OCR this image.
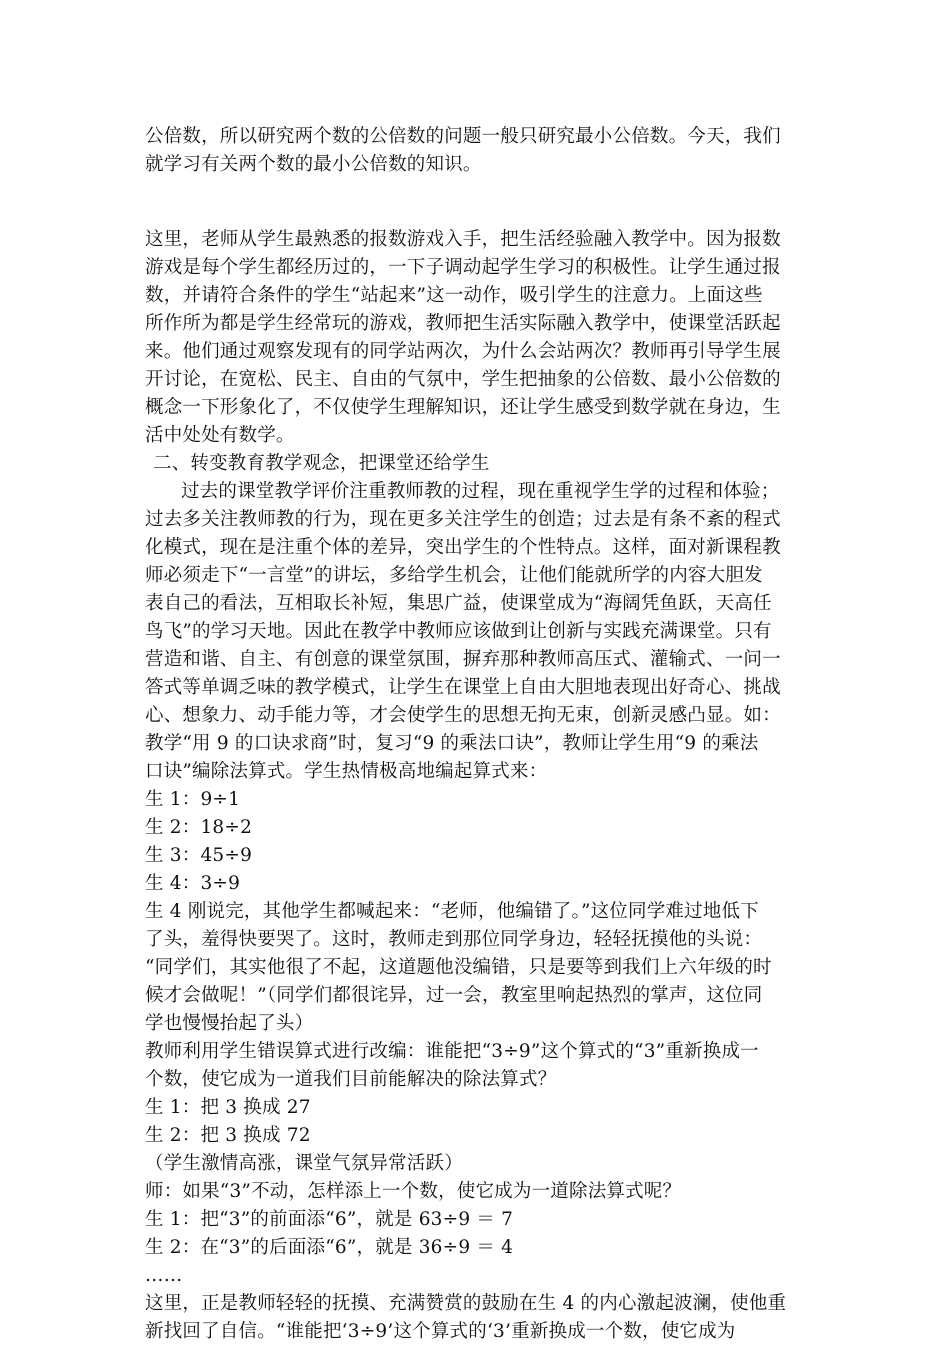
公倍数，所以研究两个数的公倍数的问题一般只研究最小公倍数。今天，我们
就学习有关两个数的最小公倍数的知识。
这里，老师从学生最熟悉的报数游戏入手，把生活经验融入教学中。因为报数
游戏是每个学生都经历过的，一下子调动起学生学习的积极性。让学生通过报
数，并请符合条件的学生“站起来”这一动作，吸引学生的注意力。上面这些
所作所为都是学生经常玩的游戏，教师把生活实际融入教学中，使课堂活跃起
来。他们通过观察发现有的同学站两次，为什么会站两次？教师再引导学生展
开讨论，在宽松、民主、自由的气氛中，学生把抽象的公倍数、最小公倍数的
概念一下形象化了，不仅使学生理解知识，还让学生感受到数学就在身边，生
活中处处有数学。
二、转变教育教学观念，把课堂还给学生
过去的课堂教学评价注重教师教的过程，现在重视学生学的过程和体验；
过去多关注教师教的行为，现在更多关注学生的创造；过去是有条不紊的程式
化模式，现在是注重个体的差异，突出学生的个性特点。这样，面对新课程教
师必须走下“一言堂”的讲坛，多给学生机会，让他们能就所学的内容大胆发
表自己的看法，互相取长补短，集思广益，使课堂成为“海阔凭鱼跃，天高任
鸟飞”的学习天地。因此在教学中教师应该做到让创新与实践充满课堂。只有
营造和谐、自主、有创意的课堂氛围，摒弃那种教师高压式、灌输式、一问一
答式等单调乏味的教学模式，让学生在课堂上自由大胆地表现出好奇心、挑战
心、想象力、动手能力等，才会使学生的思想无拘无束，创新灵感凸显。如：
教学“用 9 的口诀求商”时，复习“9 的乘法口诀”，教师让学生用“9 的乘法
口诀”编除法算式。学生热情极高地编起算式来：
生 1：9÷1
生 2：18÷2
生 3：45÷9
生 4：3÷9
生 4 刚说完，其他学生都喊起来：“老师，他编错了。”这位同学难过地低下
了头，羞得快要哭了。这时，教师走到那位同学身边，轻轻抚摸他的头说：
“同学们，其实他很了不起，这道题他没编错，只是要等到我们上六年级的时
候才会做呢！”（同学们都很诧异，过一会，教室里响起热烈的掌声，这位同
学也慢慢抬起了头）
教师利用学生错误算式进行改编：谁能把“3÷9”这个算式的“3”重新换成一
个数，使它成为一道我们目前能解决的除法算式？
生 1：把 3 换成 27
生 2：把 3 换成 72
（学生激情高涨，课堂气氛异常活跃）
师：如果“3”不动，怎样添上一个数，使它成为一道除法算式呢？
生 1：把“3”的前面添“6”，就是 63÷9 ＝ 7
生 2：在“3”的后面添“6”，就是 36÷9 ＝ 4
……
这里，正是教师轻轻的抚摸、充满赞赏的鼓励在生 4 的内心激起波澜，使他重
新找回了自信。“谁能把‘3÷9’这个算式的‘3’重新换成一个数，使它成为
